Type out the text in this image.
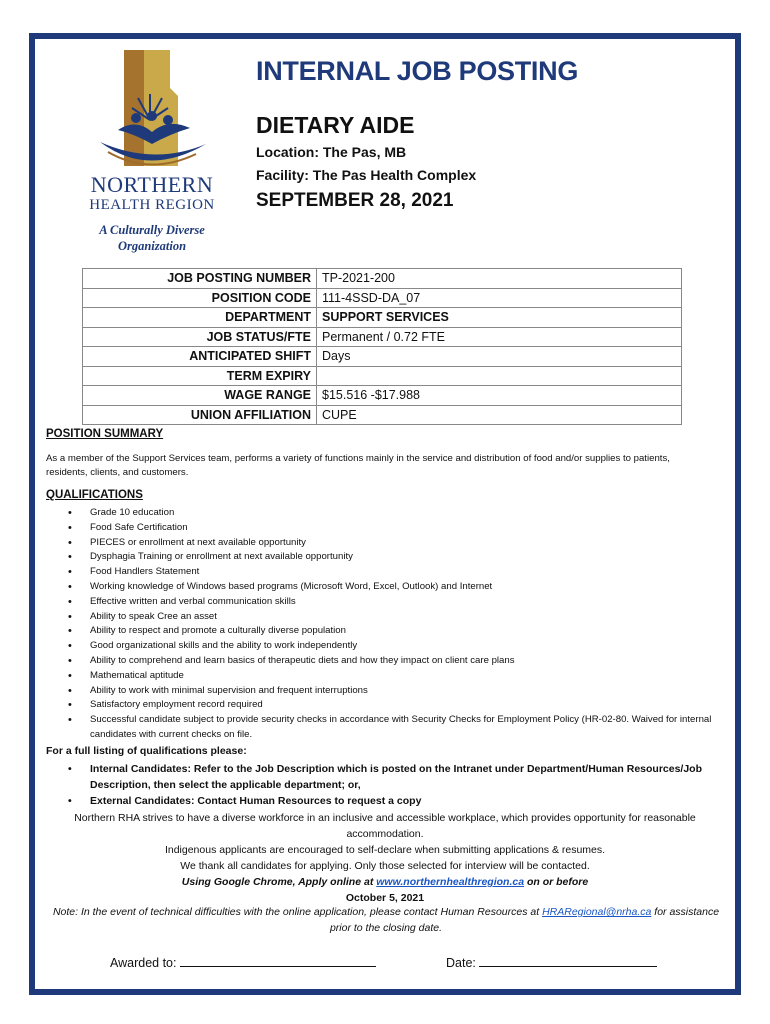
NORTHERN
HEALTH REGION
A Culturally Diverse
Organization
INTERNAL JOB POSTING
DIETARY AIDE
Location: The Pas, MB
Facility: The Pas Health Complex
SEPTEMBER 28, 2021
JOB POSTING NUMBER	TP-2021-200
POSITION CODE	111-4SSD-DA_07
DEPARTMENT	SUPPORT SERVICES
JOB STATUS/FTE	Permanent / 0.72 FTE
ANTICIPATED SHIFT	Days
TERM EXPIRY	
WAGE RANGE	$15.516 -$17.988
UNION AFFILIATION	CUPE
POSITION SUMMARY
As a member of the Support Services team, performs a variety of functions mainly in the service and distribution of food and/or supplies to patients, residents, clients, and customers.
QUALIFICATIONS
• Grade 10 education
• Food Safe Certification
• PIECES or enrollment at next available opportunity
• Dysphagia Training or enrollment at next available opportunity
• Food Handlers Statement
• Working knowledge of Windows based programs (Microsoft Word, Excel, Outlook) and Internet
• Effective written and verbal communication skills
• Ability to speak Cree an asset
• Ability to respect and promote a culturally diverse population
• Good organizational skills and the ability to work independently
• Ability to comprehend and learn basics of therapeutic diets and how they impact on client care plans
• Mathematical aptitude
• Ability to work with minimal supervision and frequent interruptions
• Satisfactory employment record required
• Successful candidate subject to provide security checks in accordance with Security Checks for Employment Policy (HR-02-80. Waived for internal candidates with current checks on file.
For a full listing of qualifications please:
• Internal Candidates: Refer to the Job Description which is posted on the Intranet under Department/Human Resources/Job Description, then select the applicable department; or,
• External Candidates: Contact Human Resources to request a copy
Northern RHA strives to have a diverse workforce in an inclusive and accessible workplace, which provides opportunity for reasonable accommodation.
Indigenous applicants are encouraged to self-declare when submitting applications & resumes.
We thank all candidates for applying. Only those selected for interview will be contacted.
Using Google Chrome, Apply online at www.northernhealthregion.ca on or before
October 5, 2021
Note: In the event of technical difficulties with the online application, please contact Human Resources at HRARegional@nrha.ca for assistance prior to the closing date.
Awarded to:	Date:
